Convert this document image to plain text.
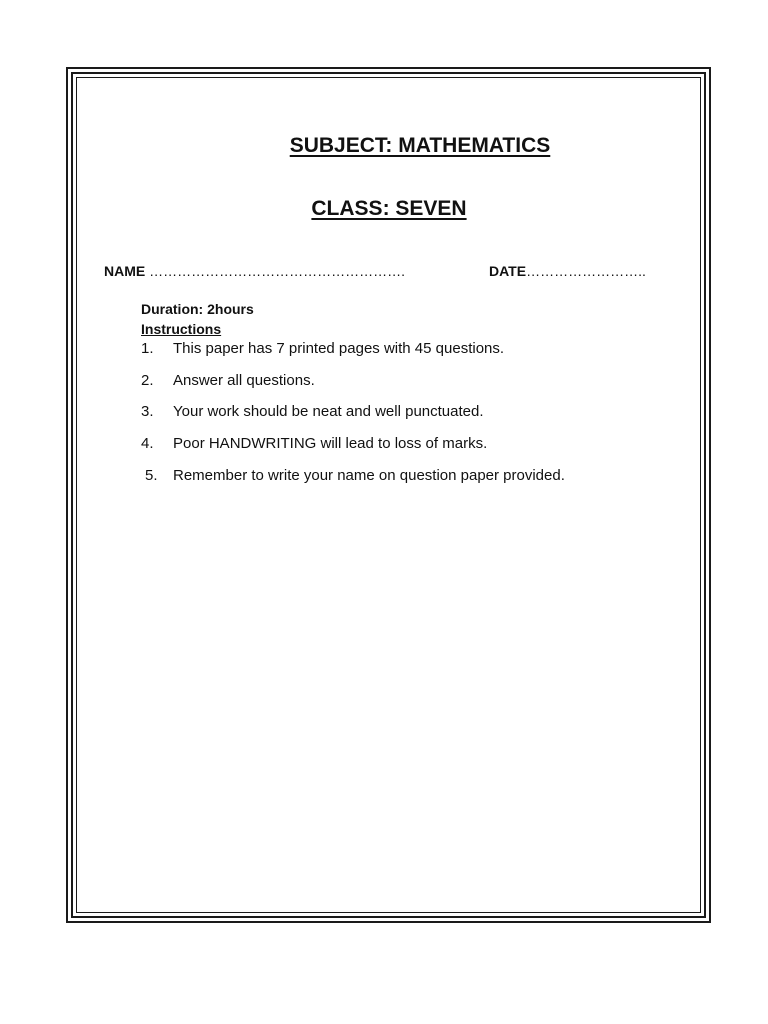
SUBJECT: MATHEMATICS
CLASS: SEVEN
NAME ……………………………………………….	DATE……………………..
Duration: 2hours
Instructions
1. This paper has 7 printed pages with 45 questions.
2. Answer all questions.
3. Your work should be neat and well punctuated.
4. Poor HANDWRITING will lead to loss of marks.
5. Remember to write your name on question paper provided.
